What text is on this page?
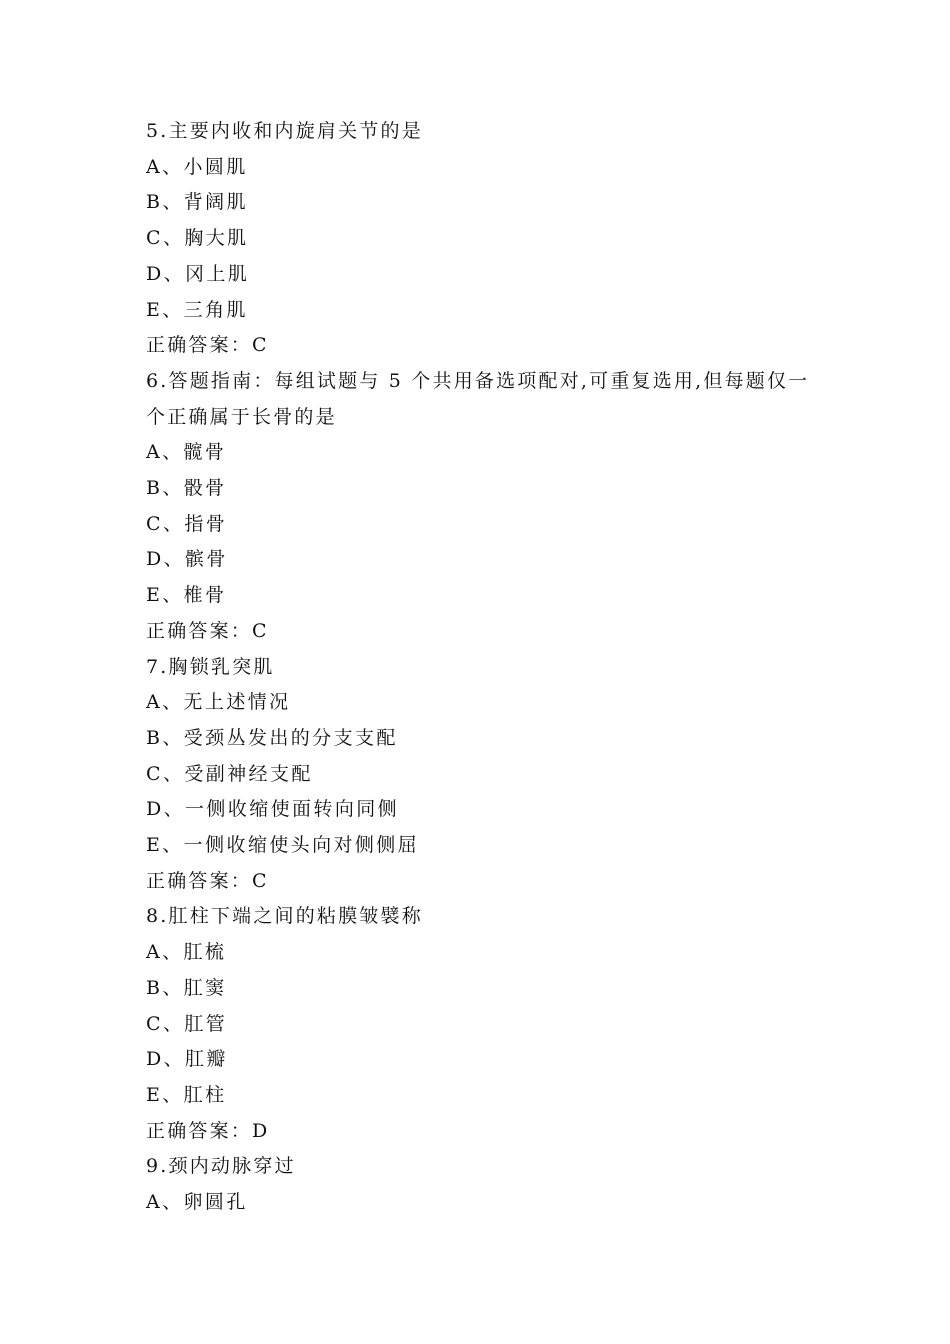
5.主要内收和内旋肩关节的是
A、小圆肌
B、背阔肌
C、胸大肌
D、冈上肌
E、三角肌
正确答案：C
6.答题指南：每组试题与 5 个共用备选项配对,可重复选用,但每题仅一个正确属于长骨的是
A、髋骨
B、骰骨
C、指骨
D、髌骨
E、椎骨
正确答案：C
7.胸锁乳突肌
A、无上述情况
B、受颈丛发出的分支支配
C、受副神经支配
D、一侧收缩使面转向同侧
E、一侧收缩使头向对侧侧屈
正确答案：C
8.肛柱下端之间的粘膜皱襞称
A、肛梳
B、肛窦
C、肛管
D、肛瓣
E、肛柱
正确答案：D
9.颈内动脉穿过
A、卵圆孔
